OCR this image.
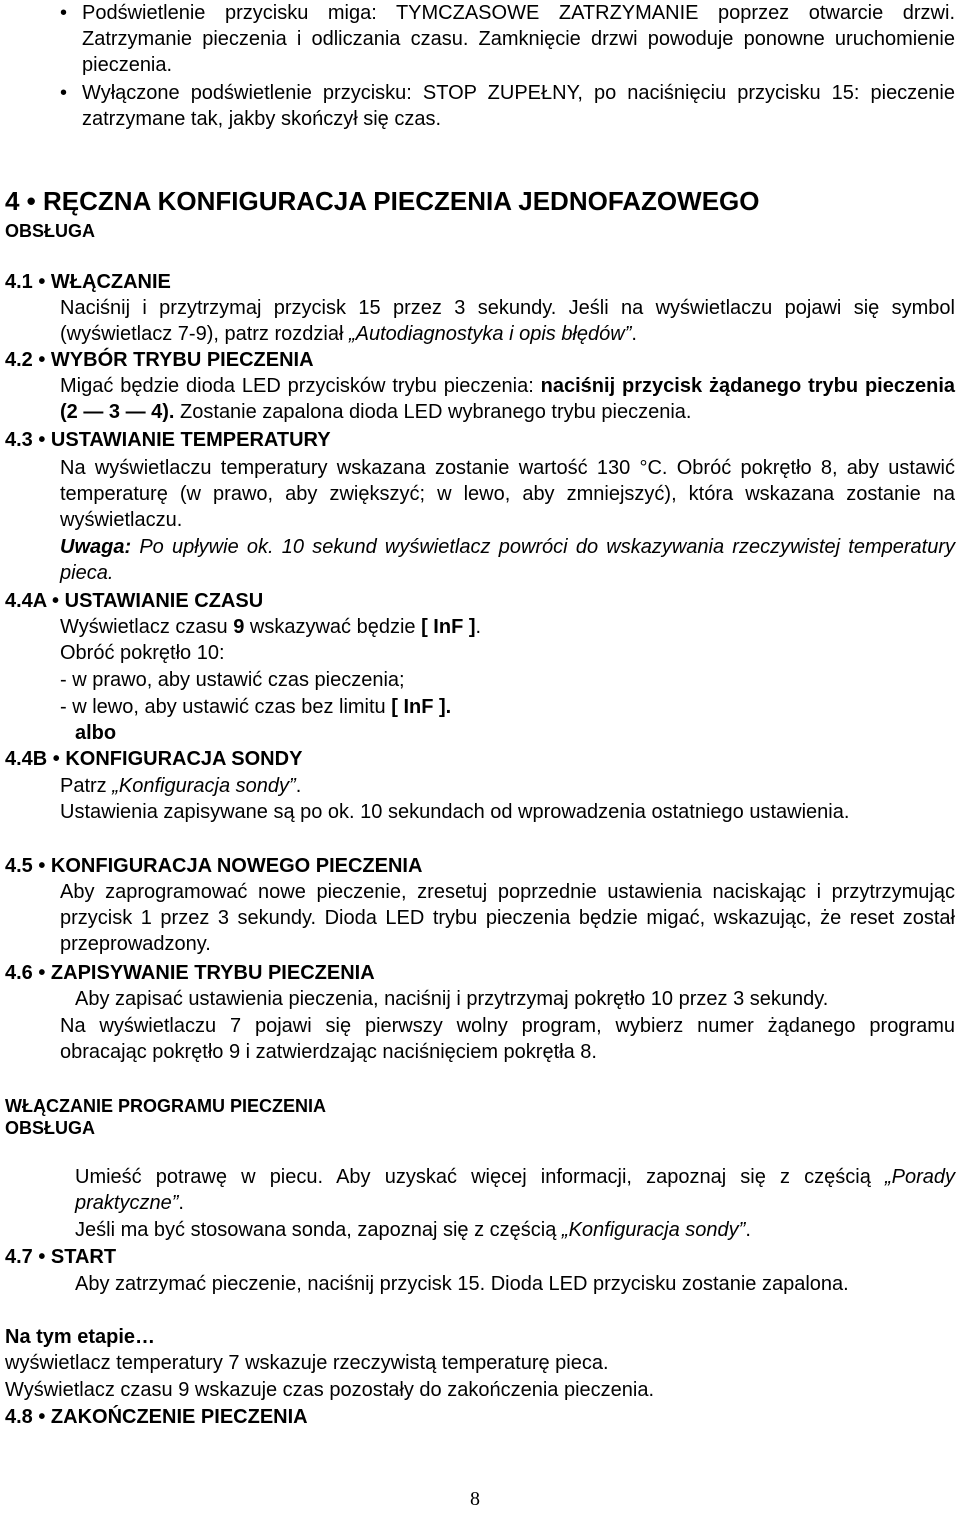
• Podświetlenie przycisku miga: TYMCZASOWE ZATRZYMANIE poprzez otwarcie drzwi. Zatrzymanie pieczenia i odliczania czasu. Zamknięcie drzwi powoduje ponowne uruchomienie pieczenia.
• Wyłączone podświetlenie przycisku: STOP ZUPEŁNY, po naciśnięciu przycisku 15: pieczenie zatrzymane tak, jakby skończył się czas.
4 • RĘCZNA KONFIGURACJA PIECZENIA JEDNOFAZOWEGO
OBSŁUGA
4.1 • WŁĄCZANIE
Naciśnij i przytrzymaj przycisk 15 przez 3 sekundy. Jeśli na wyświetlaczu pojawi się symbol (wyświetlacz 7-9), patrz rozdział „Autodiagnostyka i opis błędów”.
4.2 • WYBÓR TRYBU PIECZENIA
Migać będzie dioda LED przycisków trybu pieczenia: naciśnij przycisk żądanego trybu pieczenia (2 — 3 — 4). Zostanie zapalona dioda LED wybranego trybu pieczenia.
4.3 • USTAWIANIE TEMPERATURY
Na wyświetlaczu temperatury wskazana zostanie wartość 130 °C. Obróć pokrętło 8, aby ustawić temperaturę (w prawo, aby zwiększyć; w lewo, aby zmniejszyć), która wskazana zostanie na wyświetlaczu.
Uwaga: Po upływie ok. 10 sekund wyświetlacz powróci do wskazywania rzeczywistej temperatury pieca.
4.4A • USTAWIANIE CZASU
Wyświetlacz czasu 9 wskazywać będzie [ InF ].
Obróć pokrętło 10:
- w prawo, aby ustawić czas pieczenia;
- w lewo, aby ustawić czas bez limitu [ InF ].
albo
4.4B • KONFIGURACJA SONDY
Patrz „Konfiguracja sondy”.
Ustawienia zapisywane są po ok. 10 sekundach od wprowadzenia ostatniego ustawienia.
4.5 • KONFIGURACJA NOWEGO PIECZENIA
Aby zaprogramować nowe pieczenie, zresetuj poprzednie ustawienia naciskając i przytrzymując przycisk 1 przez 3 sekundy. Dioda LED trybu pieczenia będzie migać, wskazując, że reset został przeprowadzony.
4.6 • ZAPISYWANIE TRYBU PIECZENIA
Aby zapisać ustawienia pieczenia, naciśnij i przytrzymaj pokrętło 10 przez 3 sekundy.
Na wyświetlaczu 7 pojawi się pierwszy wolny program, wybierz numer żądanego programu obracając pokrętło 9 i zatwierdzając naciśnięciem pokrętła 8.
WŁĄCZANIE PROGRAMU PIECZENIA
OBSŁUGA
Umieść potrawę w piecu. Aby uzyskać więcej informacji, zapoznaj się z częścią „Porady praktyczne”.
Jeśli ma być stosowana sonda, zapoznaj się z częścią „Konfiguracja sondy”.
4.7 • START
Aby zatrzymać pieczenie, naciśnij przycisk 15. Dioda LED przycisku zostanie zapalona.
Na tym etapie…
wyświetlacz temperatury 7 wskazuje rzeczywistą temperaturę pieca.
Wyświetlacz czasu 9 wskazuje czas pozostały do zakończenia pieczenia.
4.8 • ZAKOŃCZENIE PIECZENIA
8
